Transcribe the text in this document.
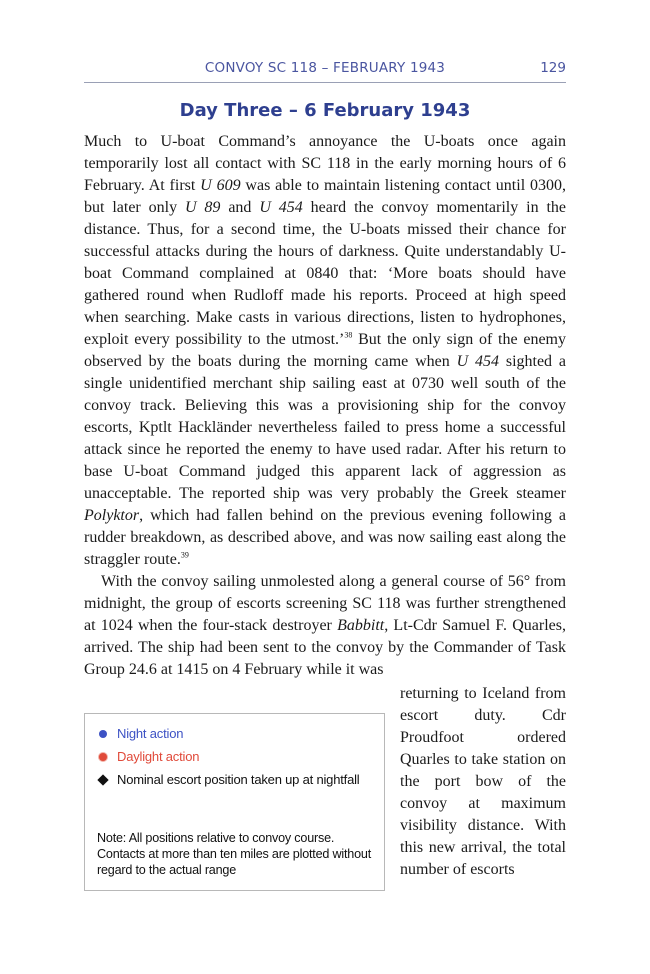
CONVOY SC 118 – FEBRUARY 1943	129
Day Three – 6 February 1943

Much to U-boat Command’s annoyance the U-boats once again temporarily lost all contact with SC 118 in the early morning hours of 6 February. At first U 609 was able to maintain listening contact until 0300, but later only U 89 and U 454 heard the convoy momentarily in the distance. Thus, for a second time, the U-boats missed their chance for successful attacks during the hours of darkness. Quite understandably U-boat Command complained at 0840 that: ‘More boats should have gathered round when Rudloff made his reports. Proceed at high speed when searching. Make casts in various directions, listen to hydrophones, exploit every possibility to the utmost.’$^{38}$ But the only sign of the enemy observed by the boats during the morning came when U 454 sighted a single unidentified merchant ship sailing east at 0730 well south of the convoy track. Believing this was a provisioning ship for the convoy escorts, Kptlt Hackländer nevertheless failed to press home a successful attack since he reported the enemy to have used radar. After his return to base U-boat Command judged this apparent lack of aggression as unacceptable. The reported ship was very probably the Greek steamer Polyktor, which had fallen behind on the previous evening following a rudder breakdown, as described above, and was now sailing east along the straggler route.$^{39}$

With the convoy sailing unmolested along a general course of 56° from midnight, the group of escorts screening SC 118 was further strengthened at 1024 when the four-stack destroyer Babbitt, Lt-Cdr Samuel F. Quarles, arrived. The ship had been sent to the convoy by the Commander of Task Group 24.6 at 1415 on 4 February while it was

returning to Iceland from escort duty. Cdr Proudfoot ordered Quarles to take station on the port bow of the convoy at maximum visibility distance. With this new arrival, the total number of escorts

Night action
Daylight action
Nominal escort position taken up at nightfall
Note: All positions relative to convoy course. Contacts at more than ten miles are plotted without regard to the actual range
